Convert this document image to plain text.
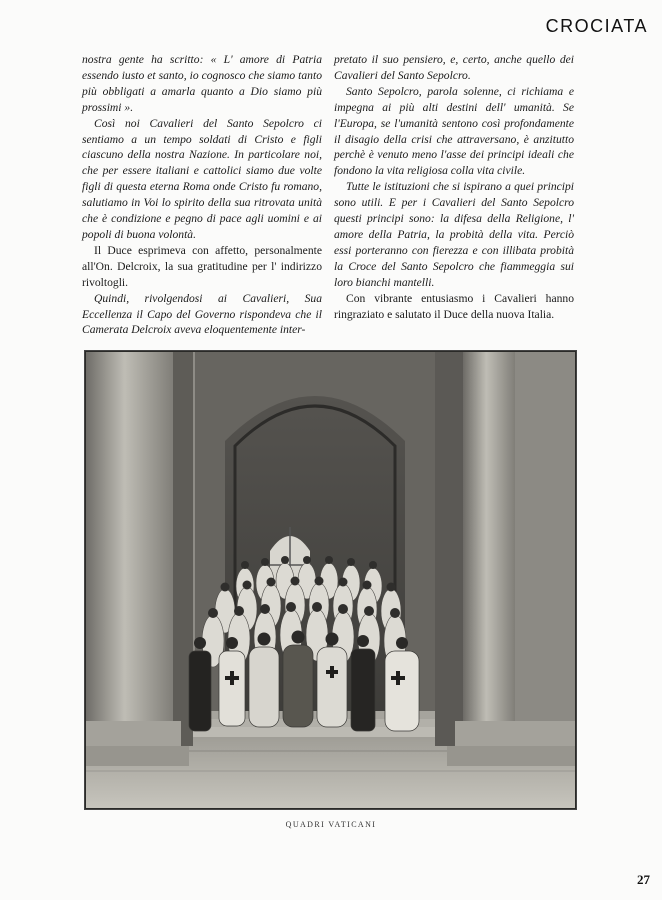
CROCIATA

nostra gente ha scritto: « L' amore di Patria essendo iusto et santo, io cognosco che siamo tanto più obbligati a amarla quanto a Dio siamo più prossimi ».

Così noi Cavalieri del Santo Sepolcro ci sentiamo a un tempo soldati di Cristo e figli ciascuno della nostra Nazione. In particolare noi, che per essere italiani e cattolici siamo due volte figli di questa eterna Roma onde Cristo fu romano, salutiamo in Voi lo spirito della sua ritrovata unità che è condizione e pegno di pace agli uomini e ai popoli di buona volontà.

Il Duce esprimeva con affetto, personalmente all'On. Delcroix, la sua gratitudine per l' indirizzo rivoltogli.

Quindi, rivolgendosi ai Cavalieri, Sua Eccellenza il Capo del Governo rispondeva che il Camerata Delcroix aveva eloquentemente inter-

pretato il suo pensiero, e, certo, anche quello dei Cavalieri del Santo Sepolcro.

Santo Sepolcro, parola solenne, ci richiama e impegna ai più alti destini dell' umanità. Se l'Europa, se l'umanità sentono così profondamente il disagio della crisi che attraversano, è anzitutto perchè è venuto meno l'asse dei principi ideali che fondono la vita religiosa colla vita civile.

Tutte le istituzioni che si ispirano a quei principi sono utili. E per i Cavalieri del Santo Sepolcro questi principi sono: la difesa della Religione, l' amore della Patria, la probità della vita. Perciò essi porteranno con fierezza e con illibata probità la Croce del Santo Sepolcro che fiammeggia sui loro bianchi mantelli.

Con vibrante entusiasmo i Cavalieri hanno ringraziato e salutato il Duce della nuova Italia.

QUADRI VATICANI
27
